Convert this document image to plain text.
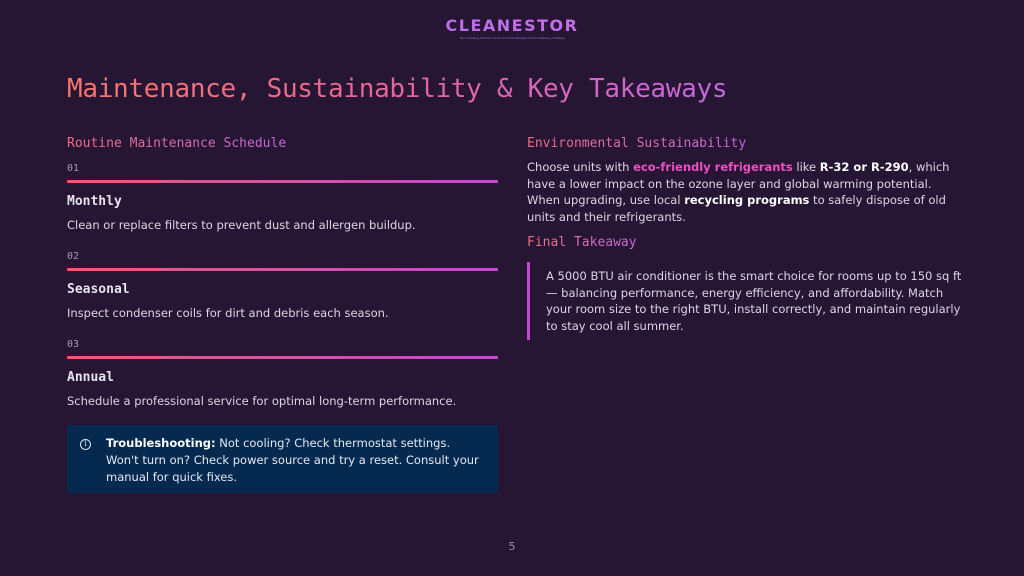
CLEANESTOR
The Cleaning Choices Circle and the Lifestyle of the Cleaning Lifestyle
Maintenance, Sustainability & Key Takeaways
Routine Maintenance Schedule
01
Monthly
Clean or replace filters to prevent dust and allergen buildup.
02
Seasonal
Inspect condenser coils for dirt and debris each season.
03
Annual
Schedule a professional service for optimal long-term performance.
i	Troubleshooting: Not cooling? Check thermostat settings. Won't turn on? Check power source and try a reset. Consult your manual for quick fixes.
Environmental Sustainability
Choose units with eco-friendly refrigerants like R-32 or R-290, which have a lower impact on the ozone layer and global warming potential. When upgrading, use local recycling programs to safely dispose of old units and their refrigerants.
Final Takeaway
A 5000 BTU air conditioner is the smart choice for rooms up to 150 sq ft — balancing performance, energy efficiency, and affordability. Match your room size to the right BTU, install correctly, and maintain regularly to stay cool all summer.
5
